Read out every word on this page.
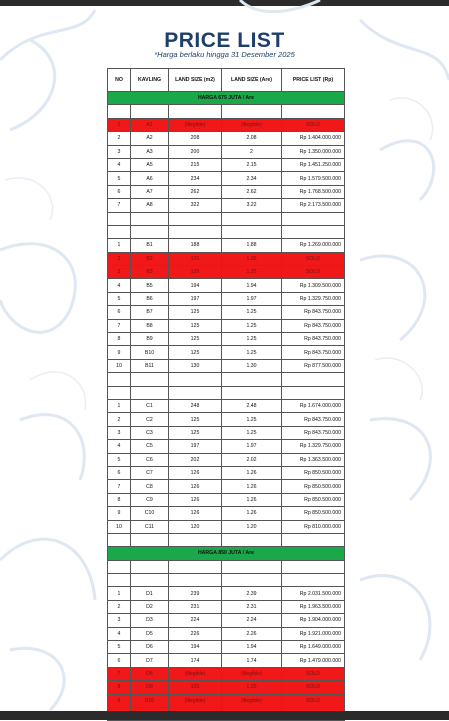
PRICE LIST
*Harga berlaku hingga 31 Desember 2025
NO	KAVLING	LAND SIZE (m2)	LAND SIZE (Are)	PRICE LIST (Rp)
HARGA 675 JUTA / Are				

1	A1	(illegible)	(illegible)	SOLD
2	A2	208	2.08	Rp 1.404.000.000
3	A3	200	2	Rp 1.350.000.000
4	A5	215	2.15	Rp 1.451.250.000
5	A6	234	2.34	Rp 1.579.500.000
6	A7	262	2.62	Rp 1.768.500.000
7	A8	322	3.22	Rp 2.173.500.000

1	B1	188	1.88	Rp 1.269.000.000
2	B2	125	1.25	SOLD
3	B3	125	1.25	SOLD
4	B5	194	1.94	Rp 1.309.500.000
5	B6	197	1.97	Rp 1.329.750.000
6	B7	125	1.25	Rp 843.750.000
7	B8	125	1.25	Rp 843.750.000
8	B9	125	1.25	Rp 843.750.000
9	B10	125	1.25	Rp 843.750.000
10	B11	130	1.30	Rp 877.500.000

1	C1	248	2.48	Rp 1.674.000.000
2	C2	125	1.25	Rp 843.750.000
3	C3	125	1.25	Rp 843.750.000
4	C5	197	1.97	Rp 1.329.750.000
5	C6	202	2.02	Rp 1.363.500.000
6	C7	126	1.26	Rp 850.500.000
7	C8	126	1.26	Rp 850.500.000
8	C9	126	1.26	Rp 850.500.000
9	C10	126	1.26	Rp 850.500.000
10	C11	120	1.20	Rp 810.000.000

HARGA 850 JUTA / Are				

1	D1	239	2.39	Rp 2.031.500.000
2	D2	231	2.31	Rp 1.963.500.000
3	D3	224	2.24	Rp 1.904.000.000
4	D5	226	2.26	Rp 1.921.000.000
5	D6	194	1.94	Rp 1.649.000.000
6	D7	174	1.74	Rp 1.479.000.000
7	D8	(illegible)	(illegible)	SOLD
8	D9	125	1.25	SOLD
9	D10	(illegible)	(illegible)	SOLD
